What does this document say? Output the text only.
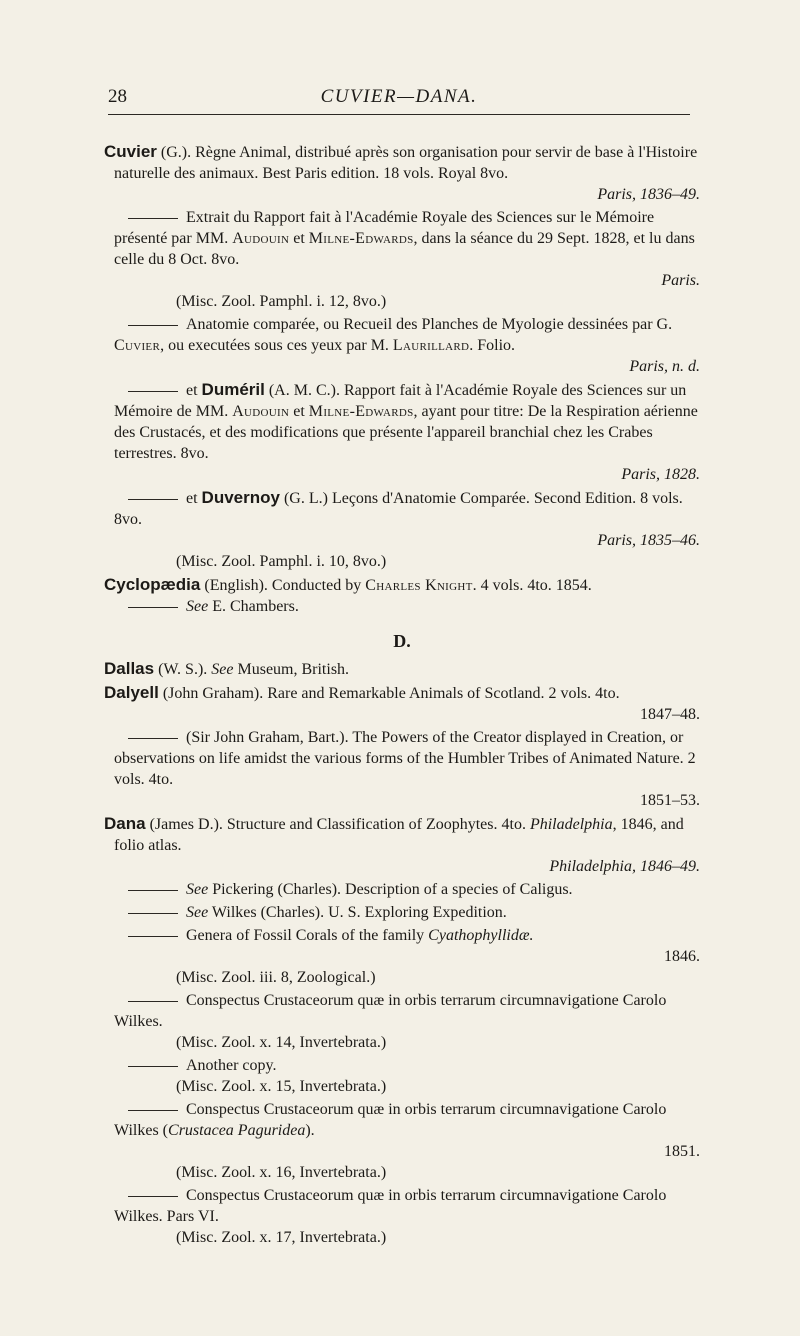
28	CUVIER—DANA.
Cuvier (G.). Règne Animal, distribué après son organisation pour servir de base à l'Histoire naturelle des animaux. Best Paris edition. 18 vols. Royal 8vo.
Paris, 1836–49.
Extrait du Rapport fait à l'Académie Royale des Sciences sur le Mémoire présenté par MM. Audouin et Milne-Edwards, dans la séance du 29 Sept. 1828, et lu dans celle du 8 Oct. 8vo.
Paris.
(Misc. Zool. Pamphl. i. 12, 8vo.)
Anatomie comparée, ou Recueil des Planches de Myologie dessinées par G. Cuvier, ou executées sous ces yeux par M. Laurillard. Folio.
Paris, n. d.
et Duméril (A. M. C.). Rapport fait à l'Académie Royale des Sciences sur un Mémoire de MM. Audouin et Milne-Edwards, ayant pour titre: De la Respiration aérienne des Crustacés, et des modifications que présente l'appareil branchial chez les Crabes terrestres. 8vo.
Paris, 1828.
et Duvernoy (G. L.) Leçons d'Anatomie Comparée. Second Edition. 8 vols. 8vo.
Paris, 1835–46.
(Misc. Zool. Pamphl. i. 10, 8vo.)
Cyclopædia (English). Conducted by Charles Knight. 4 vols. 4to. 1854.
See E. Chambers.
D.
Dallas (W. S.). See Museum, British.
Dalyell (John Graham). Rare and Remarkable Animals of Scotland. 2 vols. 4to.
1847–48.
(Sir John Graham, Bart.). The Powers of the Creator displayed in Creation, or observations on life amidst the various forms of the Humbler Tribes of Animated Nature. 2 vols. 4to.
1851–53.
Dana (James D.). Structure and Classification of Zoophytes. 4to. Philadelphia, 1846, and folio atlas.
Philadelphia, 1846–49.
See Pickering (Charles). Description of a species of Caligus.
See Wilkes (Charles). U. S. Exploring Expedition.
Genera of Fossil Corals of the family Cyathophyllidæ.
1846.
(Misc. Zool. iii. 8, Zoological.)
Conspectus Crustaceorum quæ in orbis terrarum circumnavigatione Carolo Wilkes.
(Misc. Zool. x. 14, Invertebrata.)
Another copy.
(Misc. Zool. x. 15, Invertebrata.)
Conspectus Crustaceorum quæ in orbis terrarum circumnavigatione Carolo Wilkes (Crustacea Paguridea).
1851.
(Misc. Zool. x. 16, Invertebrata.)
Conspectus Crustaceorum quæ in orbis terrarum circumnavigatione Carolo Wilkes. Pars VI.
(Misc. Zool. x. 17, Invertebrata.)
